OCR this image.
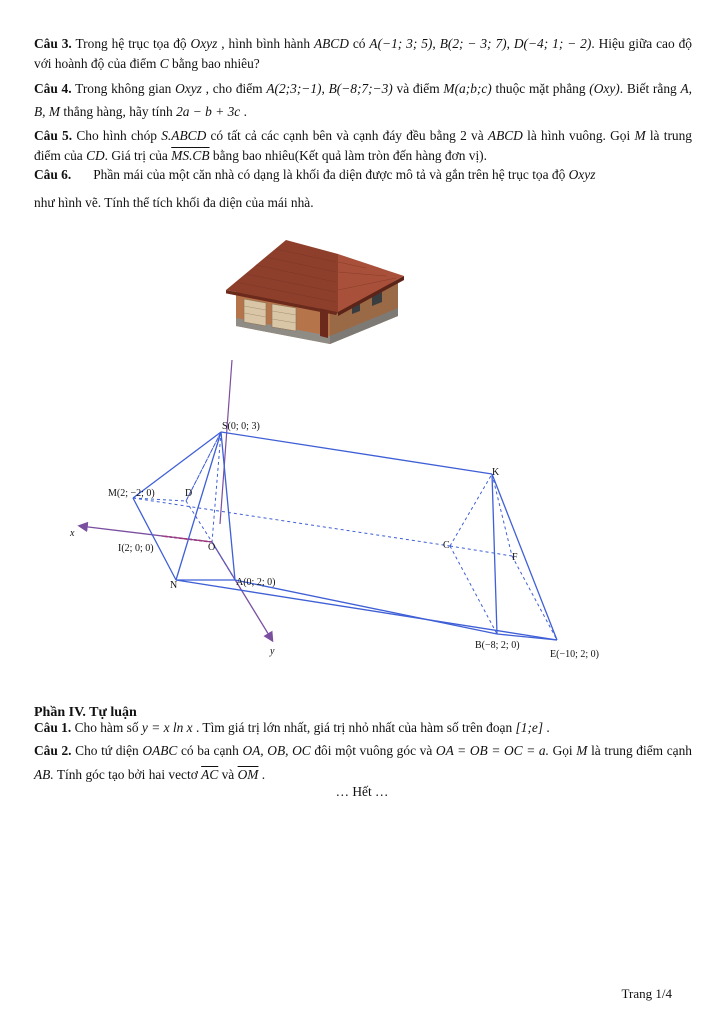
Câu 3. Trong hệ trục tọa độ Oxyz , hình bình hành ABCD có A(−1; 3; 5), B(2; − 3; 7), D(−4; 1; − 2). Hiệu giữa cao độ với hoành độ của điểm C bằng bao nhiêu?
Câu 4. Trong không gian Oxyz , cho điểm A(2;3;−1), B(−8;7;−3) và điểm M(a;b;c) thuộc mặt phẳng (Oxy). Biết rằng A, B, M thẳng hàng, hãy tính 2a − b + 3c .
Câu 5. Cho hình chóp S.ABCD có tất cả các cạnh bên và cạnh đáy đều bằng 2 và ABCD là hình vuông. Gọi M là trung điểm của CD. Giá trị của MS.CB bằng bao nhiêu(Kết quả làm tròn đến hàng đơn vị).
Câu 6. Phần mái của một căn nhà có dạng là khối đa diện được mô tả và gắn trên hệ trục tọa độ Oxyz
như hình vẽ. Tính thể tích khối đa diện của mái nhà.
S(0; 0; 3)
M(2; −2; 0)	D
x
I(2; 0; 0)	O
N	A(0; 2; 0)
y
K
C
F
B(−8; 2; 0)
E(−10; 2; 0)
Phần IV. Tự luận
Câu 1. Cho hàm số y = x ln x . Tìm giá trị lớn nhất, giá trị nhỏ nhất của hàm số trên đoạn [1;e] .
Câu 2. Cho tứ diện OABC có ba cạnh OA, OB, OC đôi một vuông góc và OA = OB = OC = a. Gọi M là trung điểm cạnh AB. Tính góc tạo bởi hai vectơ $\overline{AC}$ và $\overline{OM}$ .
… Hết …
Trang 1/4
